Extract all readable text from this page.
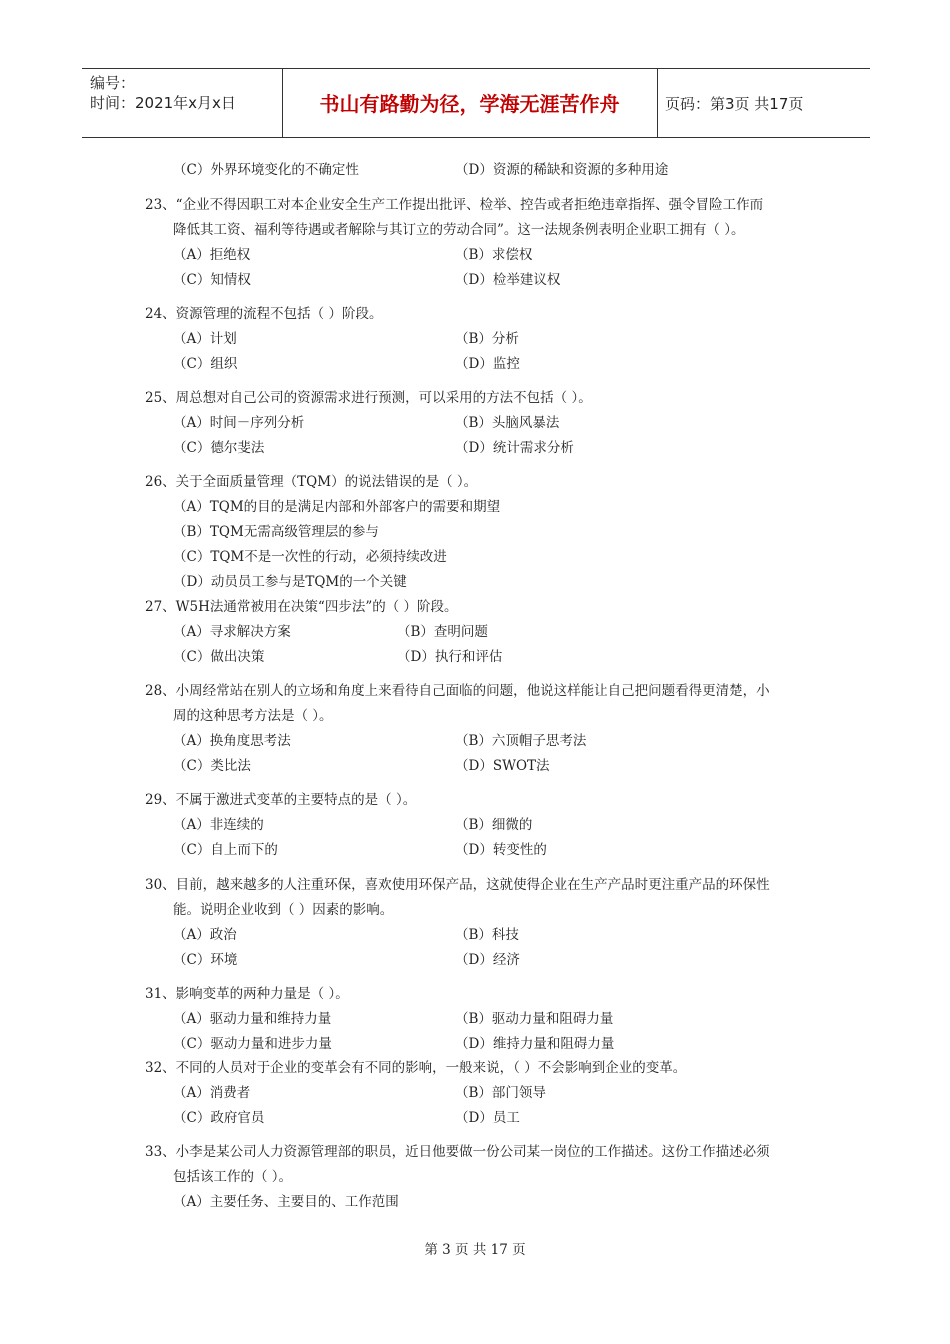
编号：
时间：2021年x月x日	书山有路勤为径，学海无涯苦作舟	页码：第3页 共17页
（C）外界环境变化的不确定性	（D）资源的稀缺和资源的多种用途
23、“企业不得因职工对本企业安全生产工作提出批评、检举、控告或者拒绝违章指挥、强令冒险工作而
降低其工资、福利等待遇或者解除与其订立的劳动合同”。这一法规条例表明企业职工拥有（ ）。
（A）拒绝权	（B）求偿权
（C）知情权	（D）检举建议权
24、资源管理的流程不包括（ ）阶段。
（A）计划	（B）分析
（C）组织	（D）监控
25、周总想对自己公司的资源需求进行预测，可以采用的方法不包括（ ）。
（A）时间－序列分析	（B）头脑风暴法
（C）德尔斐法	（D）统计需求分析
26、关于全面质量管理（TQM）的说法错误的是（ ）。
（A）TQM的目的是满足内部和外部客户的需要和期望
（B）TQM无需高级管理层的参与
（C）TQM不是一次性的行动，必须持续改进
（D）动员员工参与是TQM的一个关键
27、W5H法通常被用在决策“四步法”的（ ）阶段。
（A）寻求解决方案	（B）查明问题
（C）做出决策	（D）执行和评估
28、小周经常站在别人的立场和角度上来看待自己面临的问题，他说这样能让自己把问题看得更清楚，小
周的这种思考方法是（ ）。
（A）换角度思考法	（B）六顶帽子思考法
（C）类比法	（D）SWOT法
29、不属于激进式变革的主要特点的是（ ）。
（A）非连续的	（B）细微的
（C）自上而下的	（D）转变性的
30、目前，越来越多的人注重环保，喜欢使用环保产品，这就使得企业在生产产品时更注重产品的环保性
能。说明企业收到（ ）因素的影响。
（A）政治	（B）科技
（C）环境	（D）经济
31、影响变革的两种力量是（ ）。
（A）驱动力量和维持力量	（B）驱动力量和阻碍力量
（C）驱动力量和进步力量	（D）维持力量和阻碍力量
32、不同的人员对于企业的变革会有不同的影响，一般来说，（ ）不会影响到企业的变革。
（A）消费者	（B）部门领导
（C）政府官员	（D）员工
33、小李是某公司人力资源管理部的职员，近日他要做一份公司某一岗位的工作描述。这份工作描述必须
包括该工作的（ ）。
（A）主要任务、主要目的、工作范围
第 3 页 共 17 页
